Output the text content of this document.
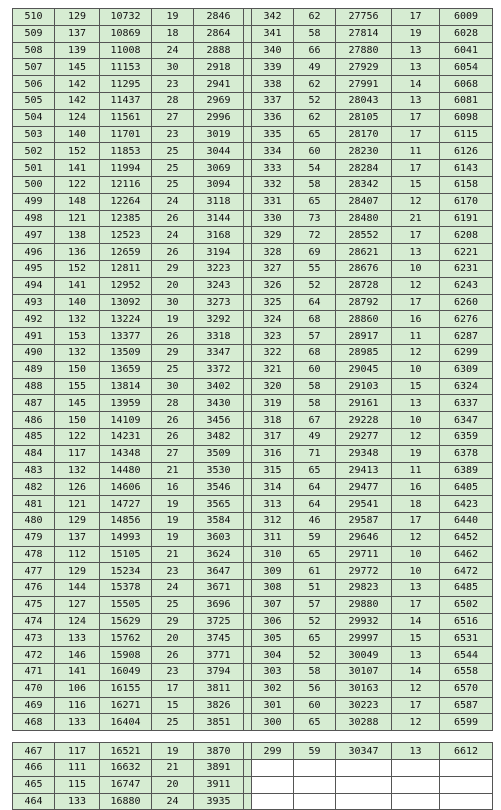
510	129	10732	19	2846		342	62	27756	17	6009
509	137	10869	18	2864		341	58	27814	19	6028
508	139	11008	24	2888		340	66	27880	13	6041
507	145	11153	30	2918		339	49	27929	13	6054
506	142	11295	23	2941		338	62	27991	14	6068
505	142	11437	28	2969		337	52	28043	13	6081
504	124	11561	27	2996		336	62	28105	17	6098
503	140	11701	23	3019		335	65	28170	17	6115
502	152	11853	25	3044		334	60	28230	11	6126
501	141	11994	25	3069		333	54	28284	17	6143
500	122	12116	25	3094		332	58	28342	15	6158
499	148	12264	24	3118		331	65	28407	12	6170
498	121	12385	26	3144		330	73	28480	21	6191
497	138	12523	24	3168		329	72	28552	17	6208
496	136	12659	26	3194		328	69	28621	13	6221
495	152	12811	29	3223		327	55	28676	10	6231
494	141	12952	20	3243		326	52	28728	12	6243
493	140	13092	30	3273		325	64	28792	17	6260
492	132	13224	19	3292		324	68	28860	16	6276
491	153	13377	26	3318		323	57	28917	11	6287
490	132	13509	29	3347		322	68	28985	12	6299
489	150	13659	25	3372		321	60	29045	10	6309
488	155	13814	30	3402		320	58	29103	15	6324
487	145	13959	28	3430		319	58	29161	13	6337
486	150	14109	26	3456		318	67	29228	10	6347
485	122	14231	26	3482		317	49	29277	12	6359
484	117	14348	27	3509		316	71	29348	19	6378
483	132	14480	21	3530		315	65	29413	11	6389
482	126	14606	16	3546		314	64	29477	16	6405
481	121	14727	19	3565		313	64	29541	18	6423
480	129	14856	19	3584		312	46	29587	17	6440
479	137	14993	19	3603		311	59	29646	12	6452
478	112	15105	21	3624		310	65	29711	10	6462
477	129	15234	23	3647		309	61	29772	10	6472
476	144	15378	24	3671		308	51	29823	13	6485
475	127	15505	25	3696		307	57	29880	17	6502
474	124	15629	29	3725		306	52	29932	14	6516
473	133	15762	20	3745		305	65	29997	15	6531
472	146	15908	26	3771		304	52	30049	13	6544
471	141	16049	23	3794		303	58	30107	14	6558
470	106	16155	17	3811		302	56	30163	12	6570
469	116	16271	15	3826		301	60	30223	17	6587
468	133	16404	25	3851		300	65	30288	12	6599
467	117	16521	19	3870		299	59	30347	13	6612
466	111	16632	21	3891						
465	115	16747	20	3911						
464	133	16880	24	3935						
